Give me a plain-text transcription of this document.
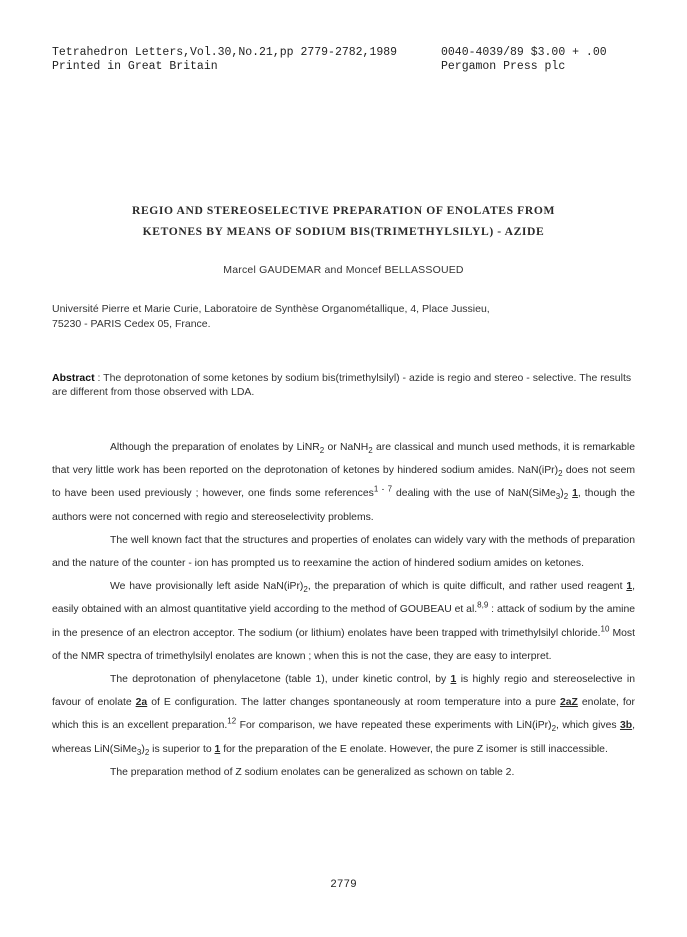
Tetrahedron Letters,Vol.30,No.21,pp 2779-2782,1989
Printed in Great Britain
0040-4039/89 $3.00 + .00
Pergamon Press plc
REGIO AND STEREOSELECTIVE PREPARATION OF ENOLATES FROM
KETONES BY MEANS OF SODIUM BIS(TRIMETHYLSILYL) - AZIDE
Marcel GAUDEMAR and Moncef BELLASSOUED
Université Pierre et Marie Curie, Laboratoire de Synthèse Organométallique, 4, Place Jussieu,
75230 - PARIS Cedex 05, France.
Abstract : The deprotonation of some ketones by sodium bis(trimethylsilyl) - azide is regio and stereo - selective. The results are different from those observed with LDA.

Although the preparation of enolates by LiNR$_2$ or NaNH$_2$ are classical and munch used methods, it is remarkable that very little work has been reported on the deprotonation of ketones by hindered sodium amides. $NaN(iPr)_2$ does not seem to have been used previously ; however, one finds some references$^{1 - 7}$ dealing with the use of $NaN(SiMe_3)_2$ 1, though the authors were not concerned with regio and stereoselectivity problems.

The well known fact that the structures and properties of enolates can widely vary with the methods of preparation and the nature of the counter - ion has prompted us to reexamine the action of hindered sodium amides on ketones.

We have provisionally left aside $NaN(iPr)_2$, the preparation of which is quite difficult, and rather used reagent 1, easily obtained with an almost quantitative yield according to the method of GOUBEAU et al.$^{8,9}$ : attack of sodium by the amine in the presence of an electron acceptor. The sodium (or lithium) enolates have been trapped with trimethylsilyl chloride.$^{10}$ Most of the NMR spectra of trimethylsilyl enolates are known ; when this is not the case, they are easy to interpret.

The deprotonation of phenylacetone (table 1), under kinetic control, by 1 is highly regio and stereoselective in favour of enolate 2a of E configuration. The latter changes spontaneously at room temperature into a pure 2aZ enolate, for which this is an excellent preparation.$^{12}$ For comparison, we have repeated these experiments with $LiN(iPr)_2$, which gives 3b, whereas $LiN(SiMe_3)_2$ is superior to 1 for the preparation of the E enolate. However, the pure Z isomer is still inaccessible.

The preparation method of Z sodium enolates can be generalized as schown on table 2.

2779
